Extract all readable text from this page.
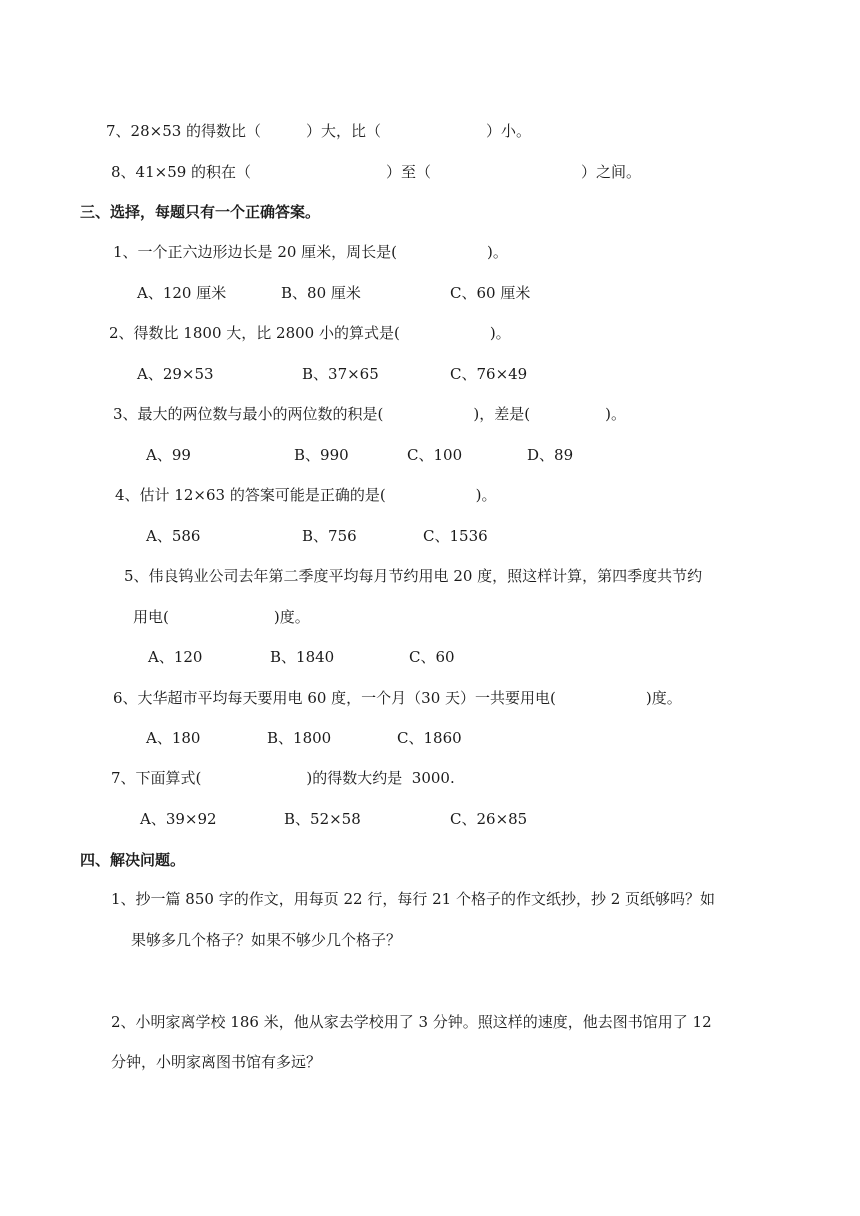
7、28×53 的得数比（　　　）大，比（　　　　　　　）小。
8、41×59 的积在（　　　　　　　　　）至（　　　　　　　　　　）之间。
三、选择，每题只有一个正确答案。
1、一个正六边形边长是 20 厘米，周长是(　　　　　　)。
A、120 厘米	B、80 厘米	C、60 厘米
2、得数比 1800 大，比 2800 小的算式是(　　　　　　)。
A、29×53	B、37×65	C、76×49
3、最大的两位数与最小的两位数的积是(　　　　　　)，差是(　　　　　)。
A、99	B、990	C、100	D、89
4、估计 12×63 的答案可能是正确的是(　　　　　　)。
A、586	B、756	C、1536
5、伟良钨业公司去年第二季度平均每月节约用电 20 度，照这样计算，第四季度共节约
用电(　　　　　　　)度。
A、120	B、1840	C、60
6、大华超市平均每天要用电 60 度，一个月（30 天）一共要用电(　　　　　　)度。
A、180	B、1800	C、1860
7、下面算式(　　　　　　　)的得数大约是  3000.
A、39×92	B、52×58	C、26×85
四、解决问题。
1、抄一篇 850 字的作文，用每页 22 行，每行 21 个格子的作文纸抄，抄 2 页纸够吗？如
果够多几个格子？如果不够少几个格子？
2、小明家离学校 186 米，他从家去学校用了 3 分钟。照这样的速度，他去图书馆用了 12
分钟，小明家离图书馆有多远？
